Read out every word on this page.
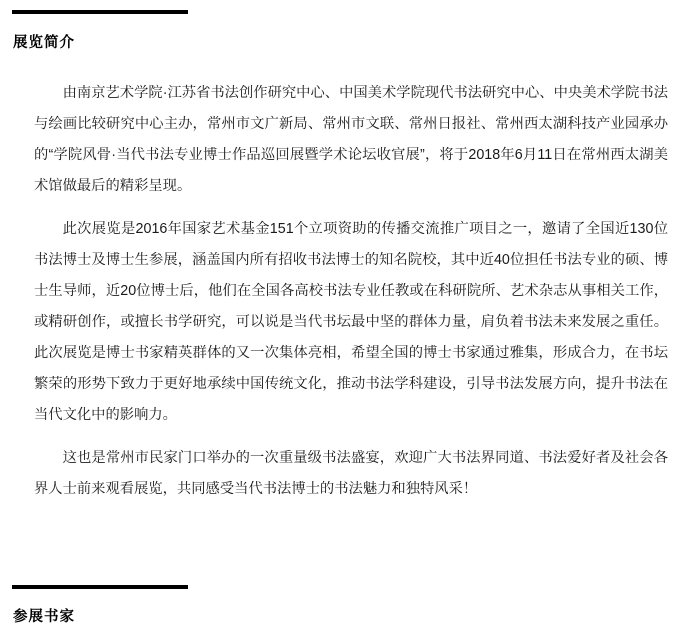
展览简介

由南京艺术学院·江苏省书法创作研究中心、中国美术学院现代书法研究中心、中央美术学院书法与绘画比较研究中心主办，常州市文广新局、常州市文联、常州日报社、常州西太湖科技产业园承办的“学院风骨·当代书法专业博士作品巡回展暨学术论坛收官展”，将于2018年6月11日在常州西太湖美术馆做最后的精彩呈现。

此次展览是2016年国家艺术基金151个立项资助的传播交流推广项目之一，邀请了全国近130位书法博士及博士生参展，涵盖国内所有招收书法博士的知名院校，其中近40位担任书法专业的硕、博士生导师，近20位博士后，他们在全国各高校书法专业任教或在科研院所、艺术杂志从事相关工作，或精研创作，或擅长书学研究，可以说是当代书坛最中坚的群体力量，肩负着书法未来发展之重任。此次展览是博士书家精英群体的又一次集体亮相，希望全国的博士书家通过雅集，形成合力，在书坛繁荣的形势下致力于更好地承续中国传统文化，推动书法学科建设，引导书法发展方向，提升书法在当代文化中的影响力。

这也是常州市民家门口举办的一次重量级书法盛宴，欢迎广大书法界同道、书法爱好者及社会各界人士前来观看展览，共同感受当代书法博士的书法魅力和独特风采！

参展书家
